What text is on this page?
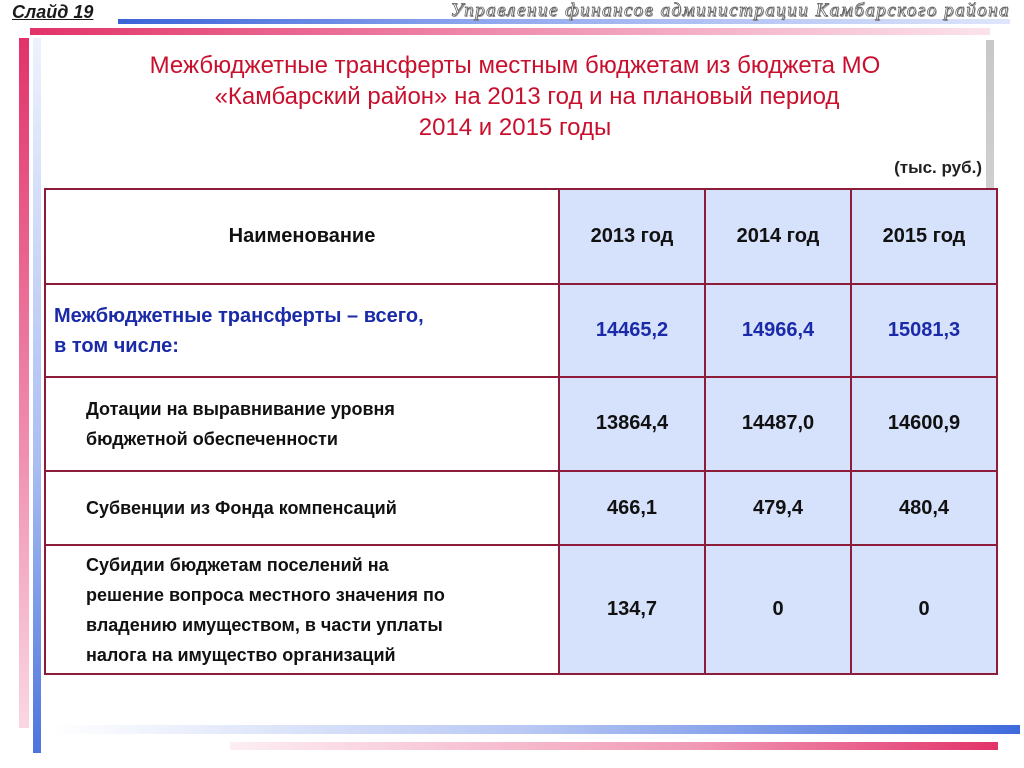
Слайд 19	Управление финансов администрации Камбарского района
Межбюджетные трансферты местным бюджетам из бюджета МО
«Камбарский район» на 2013 год и на плановый период
2014 и 2015 годы
(тыс. руб.)
Наименование	2013 год	2014 год	2015 год

Межбюджетные трансферты – всего,
в том числе:	14465,2	14966,4	15081,3

Дотации на выравнивание уровня
бюджетной обеспеченности	13864,4	14487,0	14600,9

Субвенции из Фонда компенсаций	466,1	479,4	480,4

Субидии бюджетам поселений на
решение вопроса местного значения по
владению имуществом, в части уплаты
налога на имущество организаций	134,7	0	0
